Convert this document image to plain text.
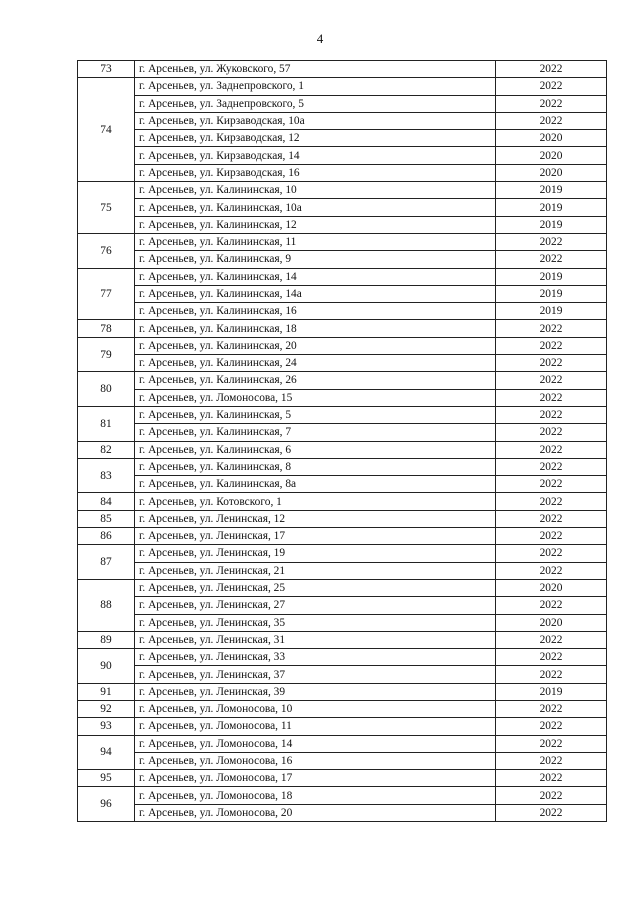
4
73	г. Арсеньев, ул. Жуковского, 57	2022
74	г. Арсеньев, ул. Заднепровского, 1	2022
	г. Арсеньев, ул. Заднепровского, 5	2022
	г. Арсеньев, ул. Кирзаводская, 10а	2022
	г. Арсеньев, ул. Кирзаводская, 12	2020
	г. Арсеньев, ул. Кирзаводская, 14	2020
	г. Арсеньев, ул. Кирзаводская, 16	2020
75	г. Арсеньев, ул. Калининская, 10	2019
	г. Арсеньев, ул. Калининская, 10а	2019
	г. Арсеньев, ул. Калининская, 12	2019
76	г. Арсеньев, ул. Калининская, 11	2022
	г. Арсеньев, ул. Калининская, 9	2022
77	г. Арсеньев, ул. Калининская, 14	2019
	г. Арсеньев, ул. Калининская, 14а	2019
	г. Арсеньев, ул. Калининская, 16	2019
78	г. Арсеньев, ул. Калининская, 18	2022
79	г. Арсеньев, ул. Калининская, 20	2022
	г. Арсеньев, ул. Калининская, 24	2022
80	г. Арсеньев, ул. Калининская, 26	2022
	г. Арсеньев, ул. Ломоносова, 15	2022
81	г. Арсеньев, ул. Калининская, 5	2022
	г. Арсеньев, ул. Калининская, 7	2022
82	г. Арсеньев, ул. Калининская, 6	2022
83	г. Арсеньев, ул. Калининская, 8	2022
	г. Арсеньев, ул. Калининская, 8а	2022
84	г. Арсеньев, ул. Котовского, 1	2022
85	г. Арсеньев, ул. Ленинская, 12	2022
86	г. Арсеньев, ул. Ленинская, 17	2022
87	г. Арсеньев, ул. Ленинская, 19	2022
	г. Арсеньев, ул. Ленинская, 21	2022
88	г. Арсеньев, ул. Ленинская, 25	2020
	г. Арсеньев, ул. Ленинская, 27	2022
	г. Арсеньев, ул. Ленинская, 35	2020
89	г. Арсеньев, ул. Ленинская, 31	2022
90	г. Арсеньев, ул. Ленинская, 33	2022
	г. Арсеньев, ул. Ленинская, 37	2022
91	г. Арсеньев, ул. Ленинская, 39	2019
92	г. Арсеньев, ул. Ломоносова, 10	2022
93	г. Арсеньев, ул. Ломоносова, 11	2022
94	г. Арсеньев, ул. Ломоносова, 14	2022
	г. Арсеньев, ул. Ломоносова, 16	2022
95	г. Арсеньев, ул. Ломоносова, 17	2022
96	г. Арсеньев, ул. Ломоносова, 18	2022
	г. Арсеньев, ул. Ломоносова, 20	2022
